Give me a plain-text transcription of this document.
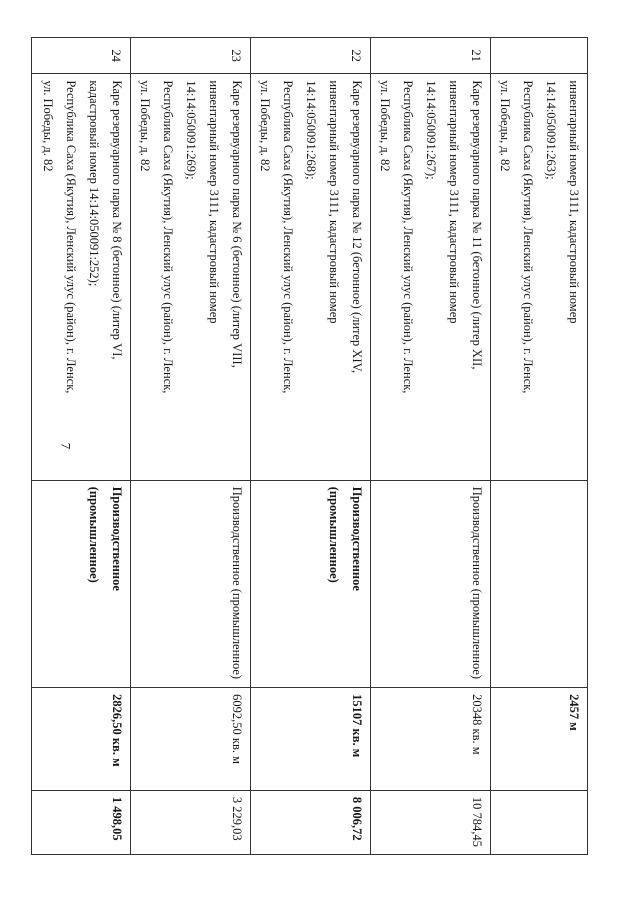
7

	инвентарный номер 3111, кадастровый номер
14:14:050091:263);
Республика Саха (Якутия), Ленский улус (район), г. Ленск,
ул. Победы, д. 82		2457 м	
21	Каре резервуарного парка № 11 (бетонное) (литер XII,
инвентарный номер 3111, кадастровый номер
14:14:050091:267);
Республика Саха (Якутия), Ленский улус (район), г. Ленск,
ул. Победы, д. 82	Производственное (промышленное)	20348 кв. м	10 784,45
22	Каре резервуарного парка № 12 (бетонное) (литер XIV,
инвентарный номер 3111, кадастровый номер
14:14:050091:268);
Республика Саха (Якутия), Ленский улус (район), г. Ленск,
ул. Победы, д. 82	Производственное (промышленное)	15107 кв. м	8 006,72
23	Каре резервуарного парка № 6 (бетонное) (литер VIII,
инвентарный номер 3111, кадастровый номер
14:14:050091:269);
Республика Саха (Якутия), Ленский улус (район), г. Ленск,
ул. Победы, д. 82	Производственное (промышленное)	6092,50 кв. м	3 229,03
24	Каре резервуарного парка № 8 (бетонное) (литер VI,
кадастровый номер 14:14:050091:252);
Республика Саха (Якутия), Ленский улус (район), г. Ленск,
ул. Победы, д. 82	Производственное (промышленное)	2826,50 кв. м	1 498,05
